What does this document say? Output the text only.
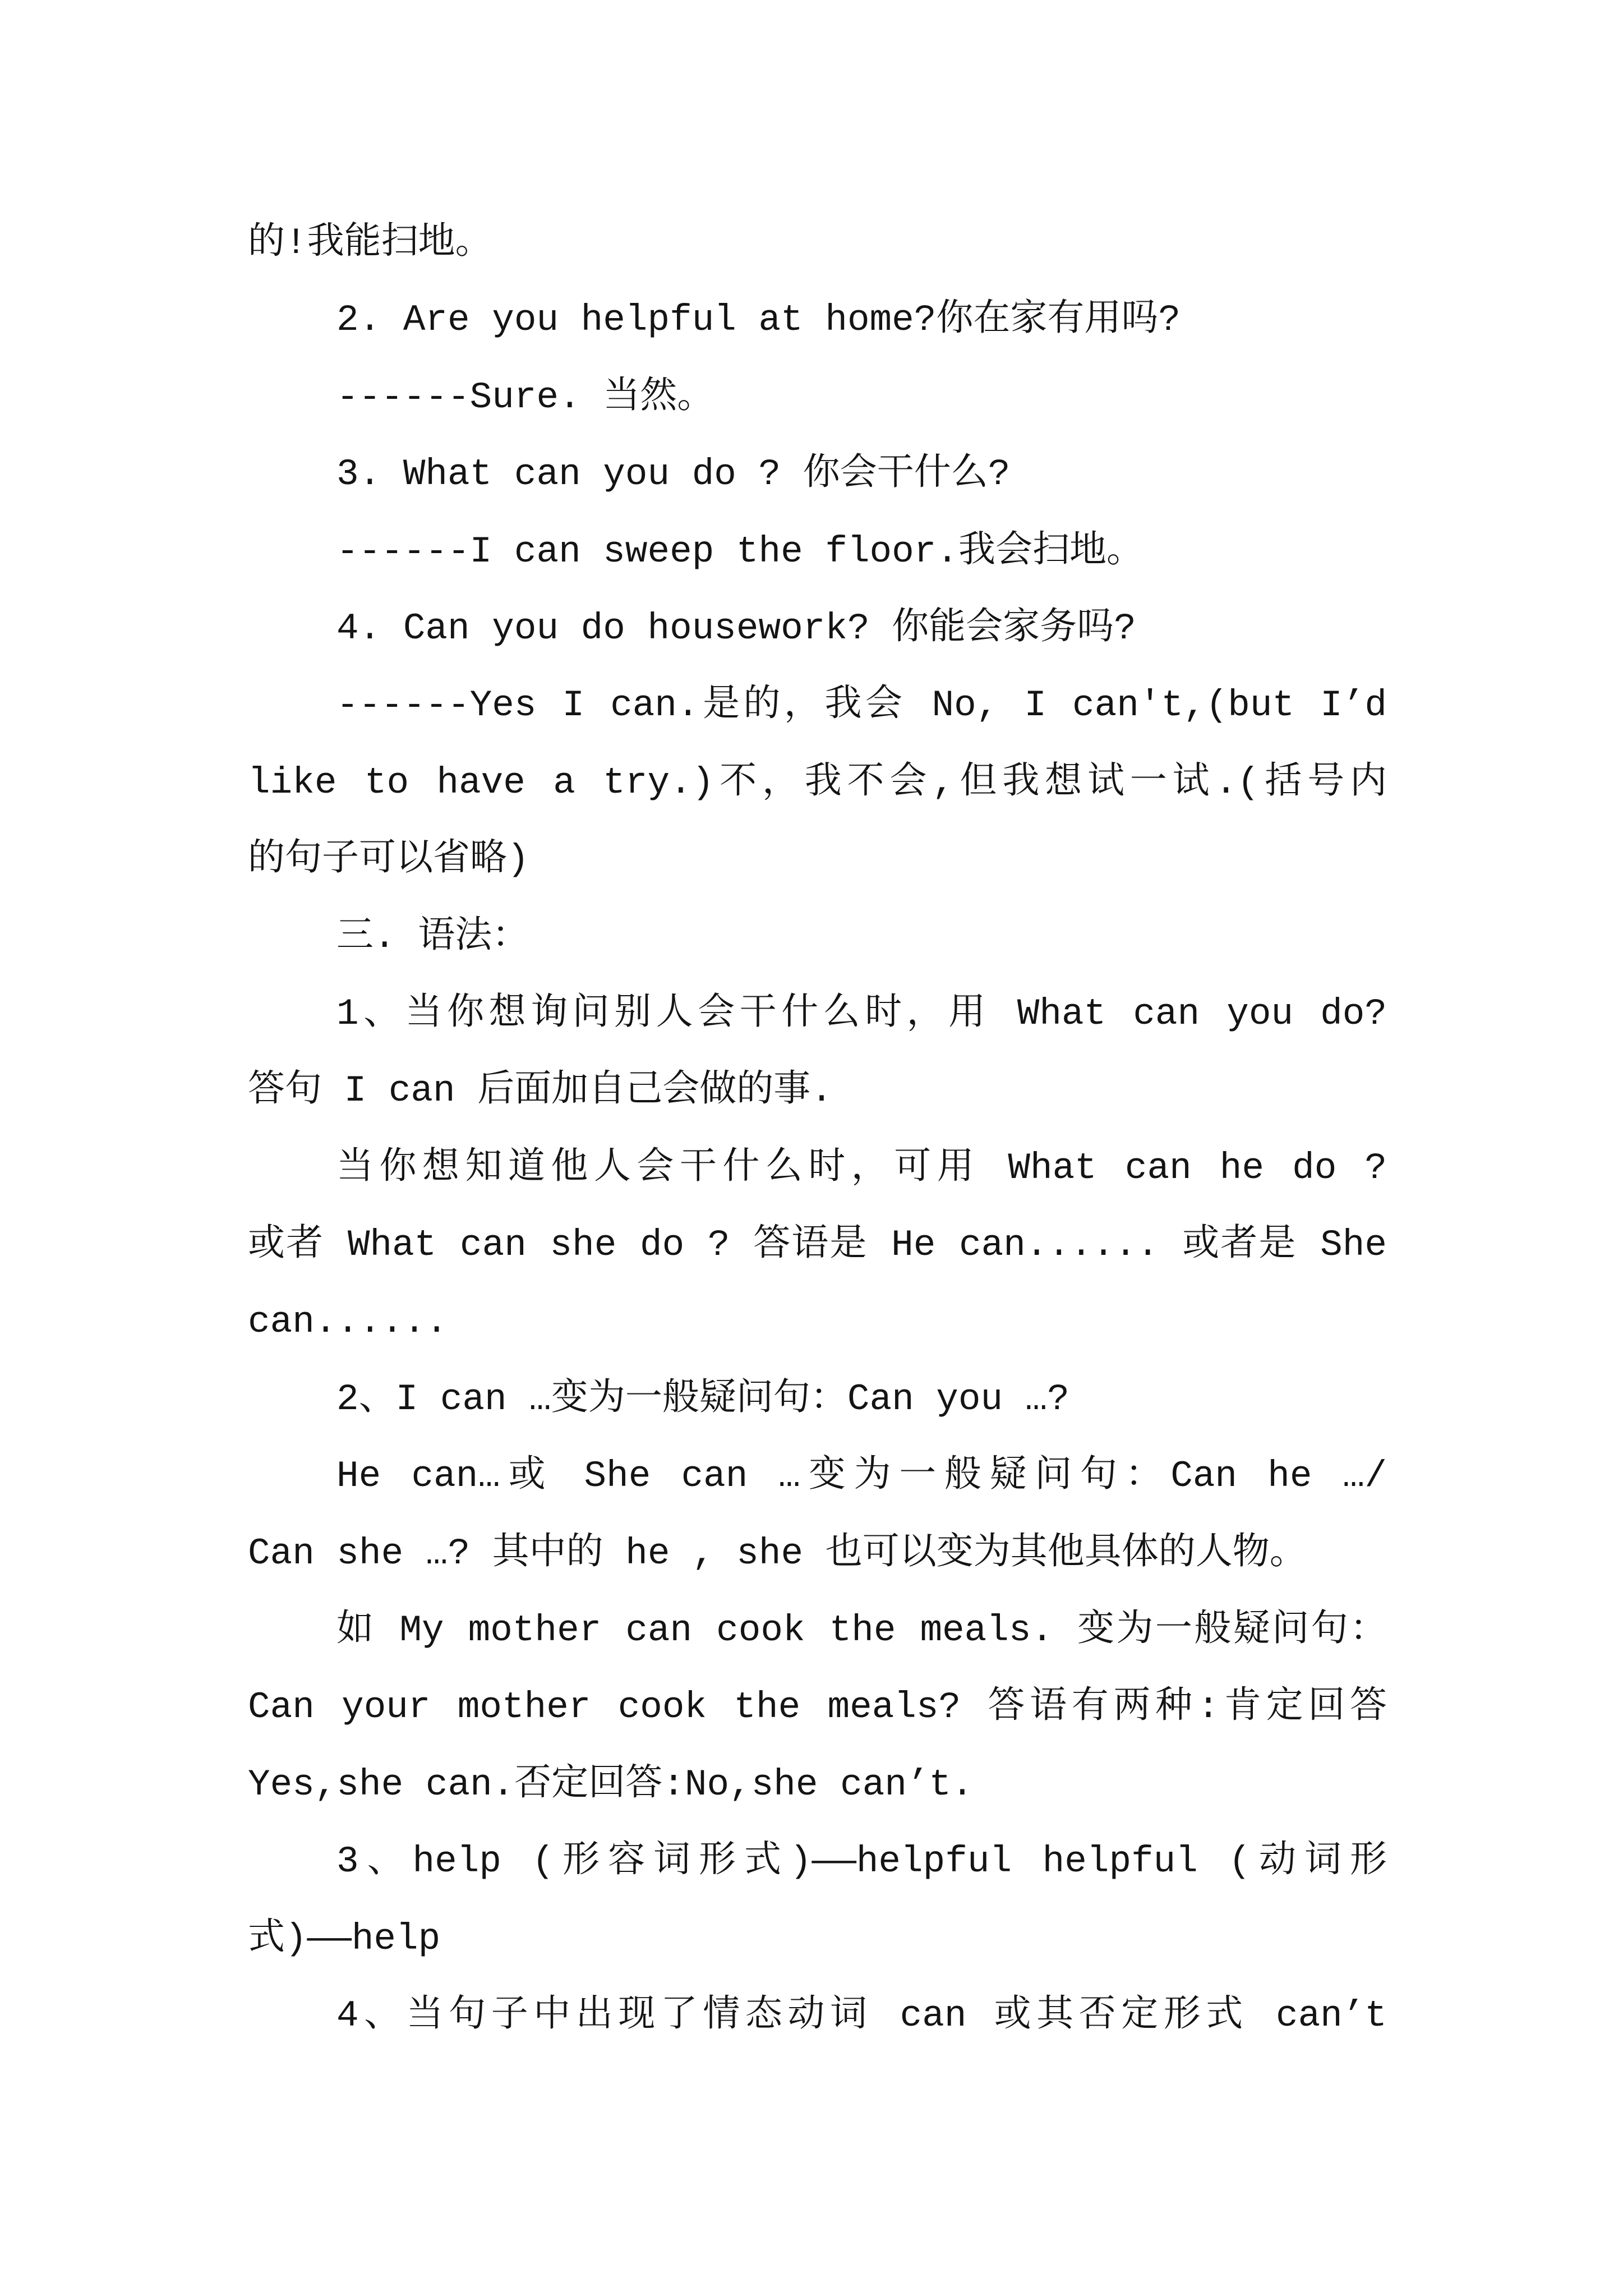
的!我能扫地。
2. Are you helpful at home?你在家有用吗?
------Sure. 当然。
3. What can you do ? 你会干什么?
------I can sweep the floor.我会扫地。
4. Can you do housework? 你能会家务吗?
------Yes I can.是的，我会 No, I can't,(but I’d
like to have a try.)不，我不会,但我想试一试.(括号内
的句子可以省略)
三. 语法：
1、当你想询问别人会干什么时，用 What can you do?
答句 I can 后面加自己会做的事.
当你想知道他人会干什么时，可用 What can he do ?
或者 What can she do ? 答语是 He can...... 或者是 She
can......
2、I can …变为一般疑问句：Can you …?
He can…或 She can …变为一般疑问句：Can he …/
Can she …? 其中的 he , she 也可以变为其他具体的人物。
如 My mother can cook the meals. 变为一般疑问句：
Can your mother cook the meals? 答语有两种:肯定回答
Yes,she can.否定回答:No,she can’t.
3、help (形容词形式)——helpful helpful (动词形
式)——help
4、当句子中出现了情态动词 can 或其否定形式 can’t
